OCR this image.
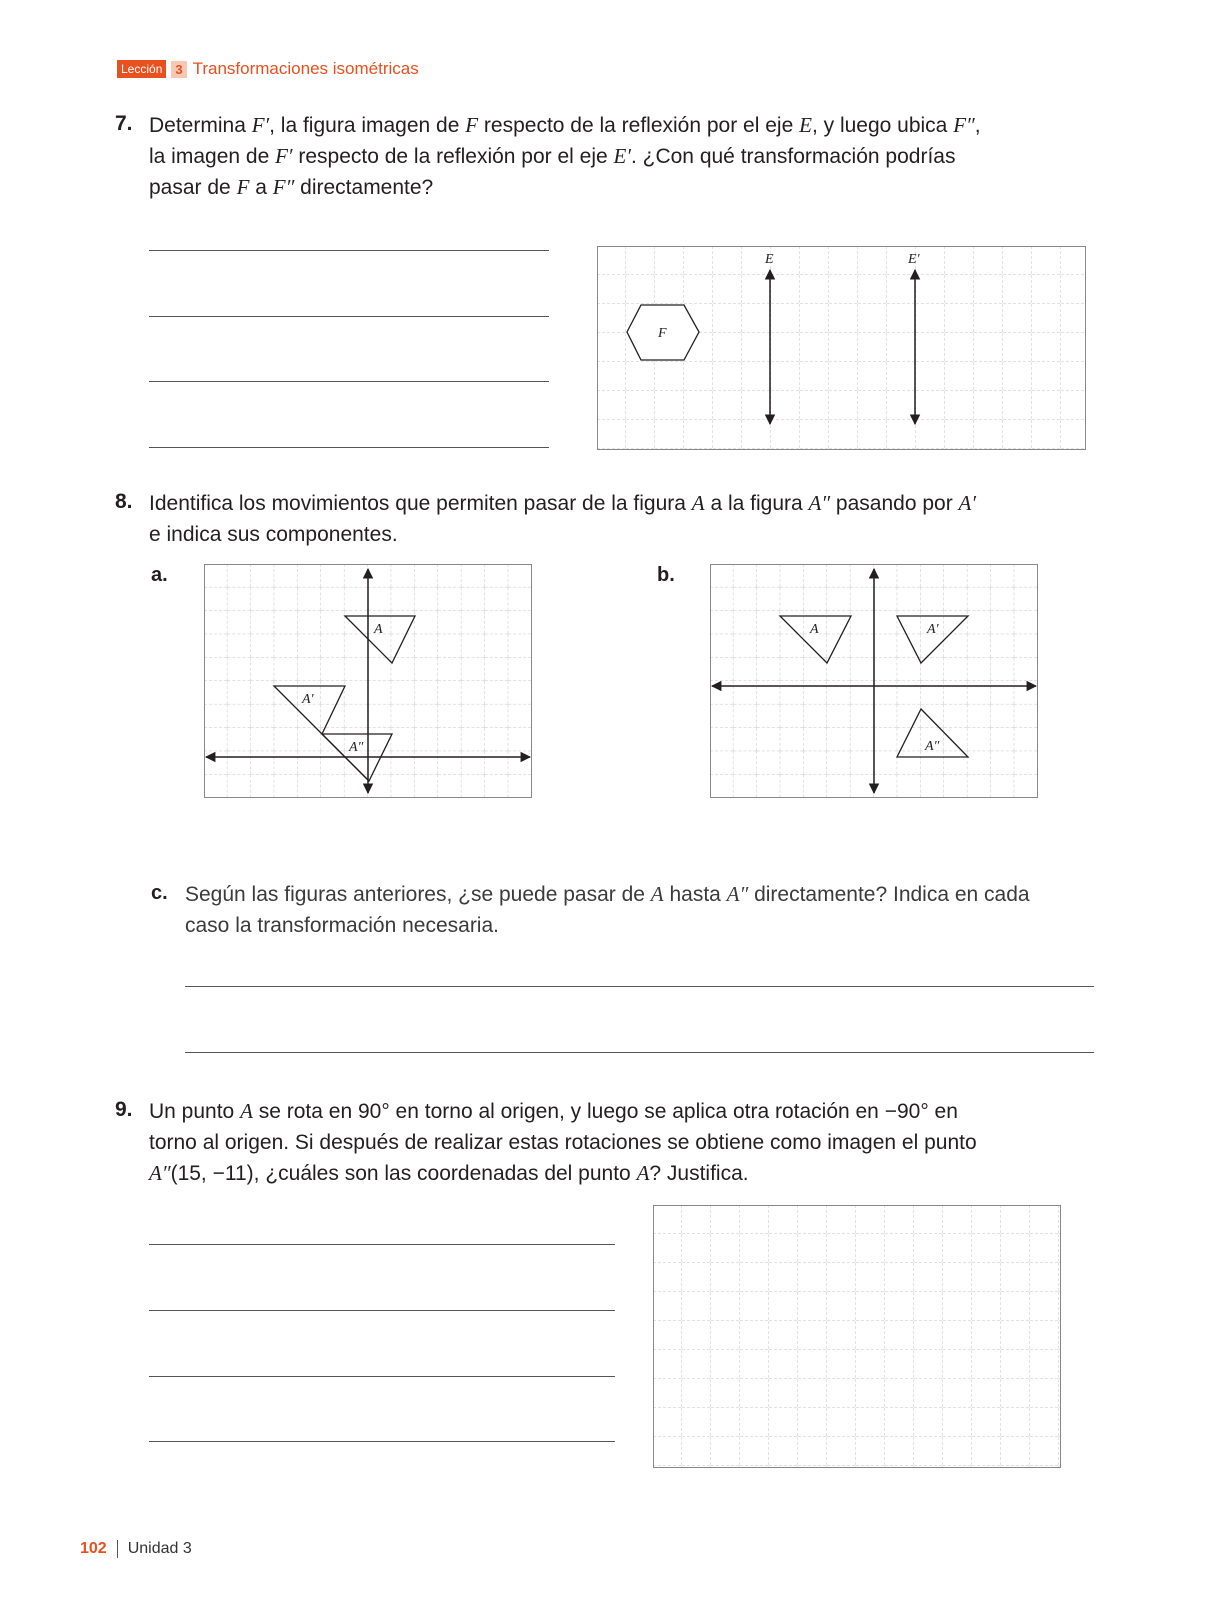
Lección	3 Transformaciones isométricas
7. Determina F′, la figura imagen de F respecto de la reflexión por el eje E, y luego ubica F″,
la imagen de F′ respecto de la reflexión por el eje E′. ¿Con qué transformación podrías
pasar de F a F″ directamente?
F
E	E′
8. Identifica los movimientos que permiten pasar de la figura A a la figura A″ pasando por A′
e indica sus componentes.
a.	b.
A
A′
A″
A	A′
A″
c. Según las figuras anteriores, ¿se puede pasar de A hasta A″ directamente? Indica en cada
caso la transformación necesaria.
9. Un punto A se rota en 90° en torno al origen, y luego se aplica otra rotación en −90° en
torno al origen. Si después de realizar estas rotaciones se obtiene como imagen el punto
A″(15, −11), ¿cuáles son las coordenadas del punto A? Justifica.
102 Unidad 3
